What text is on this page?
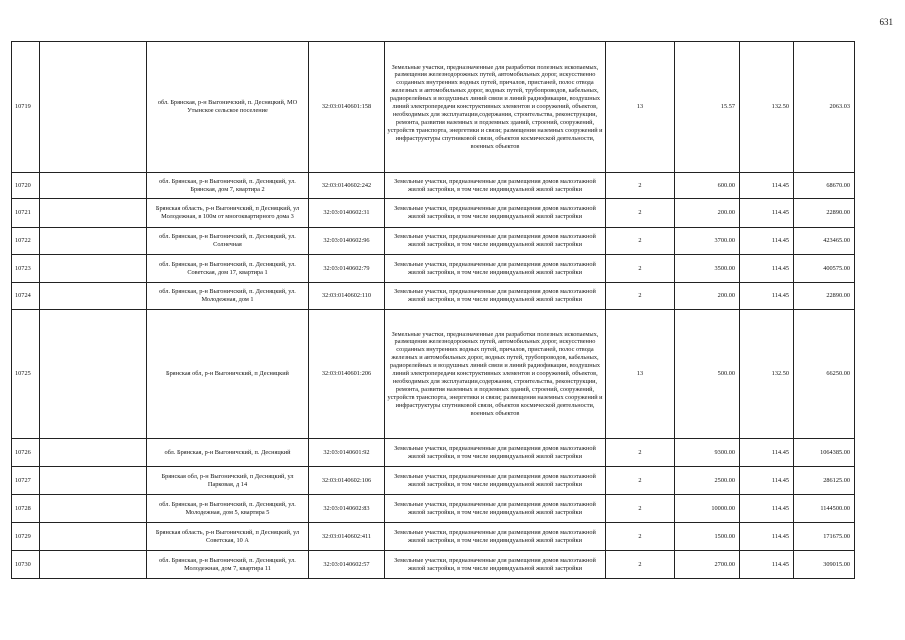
631
10719		обл. Брянская, р-н Выгоничский, п. Десняцкий, МО Утынское сельское поселение	32:03:0140601:158	Земельные участки, предназначенные для разработки полезных ископаемых, размещения железнодорожных путей, автомобильных дорог, искусственно созданных внутренних водных путей, причалов, пристаней, полос отвода железных и автомобильных дорог, водных путей, трубопроводов, кабельных, радиорелейных и воздушных линий связи и линий радиофикации, воздушных линий электропередачи конструктивных элементов и сооружений, объектов, необходимых для эксплуатации,содержания, строительства, реконструкции, ремонта, развития наземных и подземных зданий, строений, сооружений, устройств транспорта, энергетики и связи; размещения наземных сооружений и инфраструктуры спутниковой связи, объектов космической деятельности, военных объектов	13	15.57	132.50	2063.03
10720		обл. Брянская, р-н Выгоничский, п. Десняцкий, ул. Брянская, дом 7, квартира 2	32:03:0140602:242	Земельные участки, предназначенные для размещения домов малоэтажной жилой застройки, в том числе индивидуальной жилой застройки	2	600.00	114.45	68670.00
10721		Брянская область, р-н Выгоничский, п Десняцкий, ул Молодежная, в 100м от многоквартирного дома 3	32:03:0140602:31	Земельные участки, предназначенные для размещения домов малоэтажной жилой застройки, в том числе индивидуальной жилой застройки	2	200.00	114.45	22890.00
10722		обл. Брянская, р-н Выгоничский, п. Десняцкий, ул. Солнечная	32:03:0140602:96	Земельные участки, предназначенные для размещения домов малоэтажной жилой застройки, в том числе индивидуальной жилой застройки	2	3700.00	114.45	423465.00
10723		обл. Брянская, р-н Выгоничский, п. Десняцкий, ул. Советская, дом 17, квартира 1	32:03:0140602:79	Земельные участки, предназначенные для размещения домов малоэтажной жилой застройки, в том числе индивидуальной жилой застройки	2	3500.00	114.45	400575.00
10724		обл. Брянская, р-н Выгоничский, п. Десняцкий, ул. Молодежная, дом 1	32:03:0140602:110	Земельные участки, предназначенные для размещения домов малоэтажной жилой застройки, в том числе индивидуальной жилой застройки	2	200.00	114.45	22890.00
10725		Брянская обл, р-н Выгоничский, п Десняцкий	32:03:0140601:206	Земельные участки, предназначенные для разработки полезных ископаемых, размещения железнодорожных путей, автомобильных дорог, искусственно созданных внутренних водных путей, причалов, пристаней, полос отвода железных и автомобильных дорог, водных путей, трубопроводов, кабельных, радиорелейных и воздушных линий связи и линий радиофикации, воздушных линий электропередачи конструктивных элементов и сооружений, объектов, необходимых для эксплуатации,содержания, строительства, реконструкции, ремонта, развития наземных и подземных зданий, строений, сооружений, устройств транспорта, энергетики и связи; размещения наземных сооружений и инфраструктуры спутниковой связи, объектов космической деятельности, военных объектов	13	500.00	132.50	66250.00
10726		обл. Брянская, р-н Выгоничский, п. Десняцкий	32:03:0140601:92	Земельные участки, предназначенные для размещения домов малоэтажной жилой застройки, в том числе индивидуальной жилой застройки	2	9300.00	114.45	1064385.00
10727		Брянская обл, р-н Выгоничский, п Десняцкий, ул Парковая, д 14	32:03:0140602:106	Земельные участки, предназначенные для размещения домов малоэтажной жилой застройки, в том числе индивидуальной жилой застройки	2	2500.00	114.45	286125.00
10728		обл. Брянская, р-н Выгоничский, п. Десняцкий, ул. Молодежная, дом 5, квартира 5	32:03:0140602:83	Земельные участки, предназначенные для размещения домов малоэтажной жилой застройки, в том числе индивидуальной жилой застройки	2	10000.00	114.45	1144500.00
10729		Брянская область, р-н Выгоничский, п Десняцкий, ул Советская, 10 А	32:03:0140602:411	Земельные участки, предназначенные для размещения домов малоэтажной жилой застройки, в том числе индивидуальной жилой застройки	2	1500.00	114.45	171675.00
10730		обл. Брянская, р-н Выгоничский, п. Десняцкий, ул. Молодежная, дом 7, квартира 11	32:03:0140602:57	Земельные участки, предназначенные для размещения домов малоэтажной жилой застройки, в том числе индивидуальной жилой застройки	2	2700.00	114.45	309015.00
